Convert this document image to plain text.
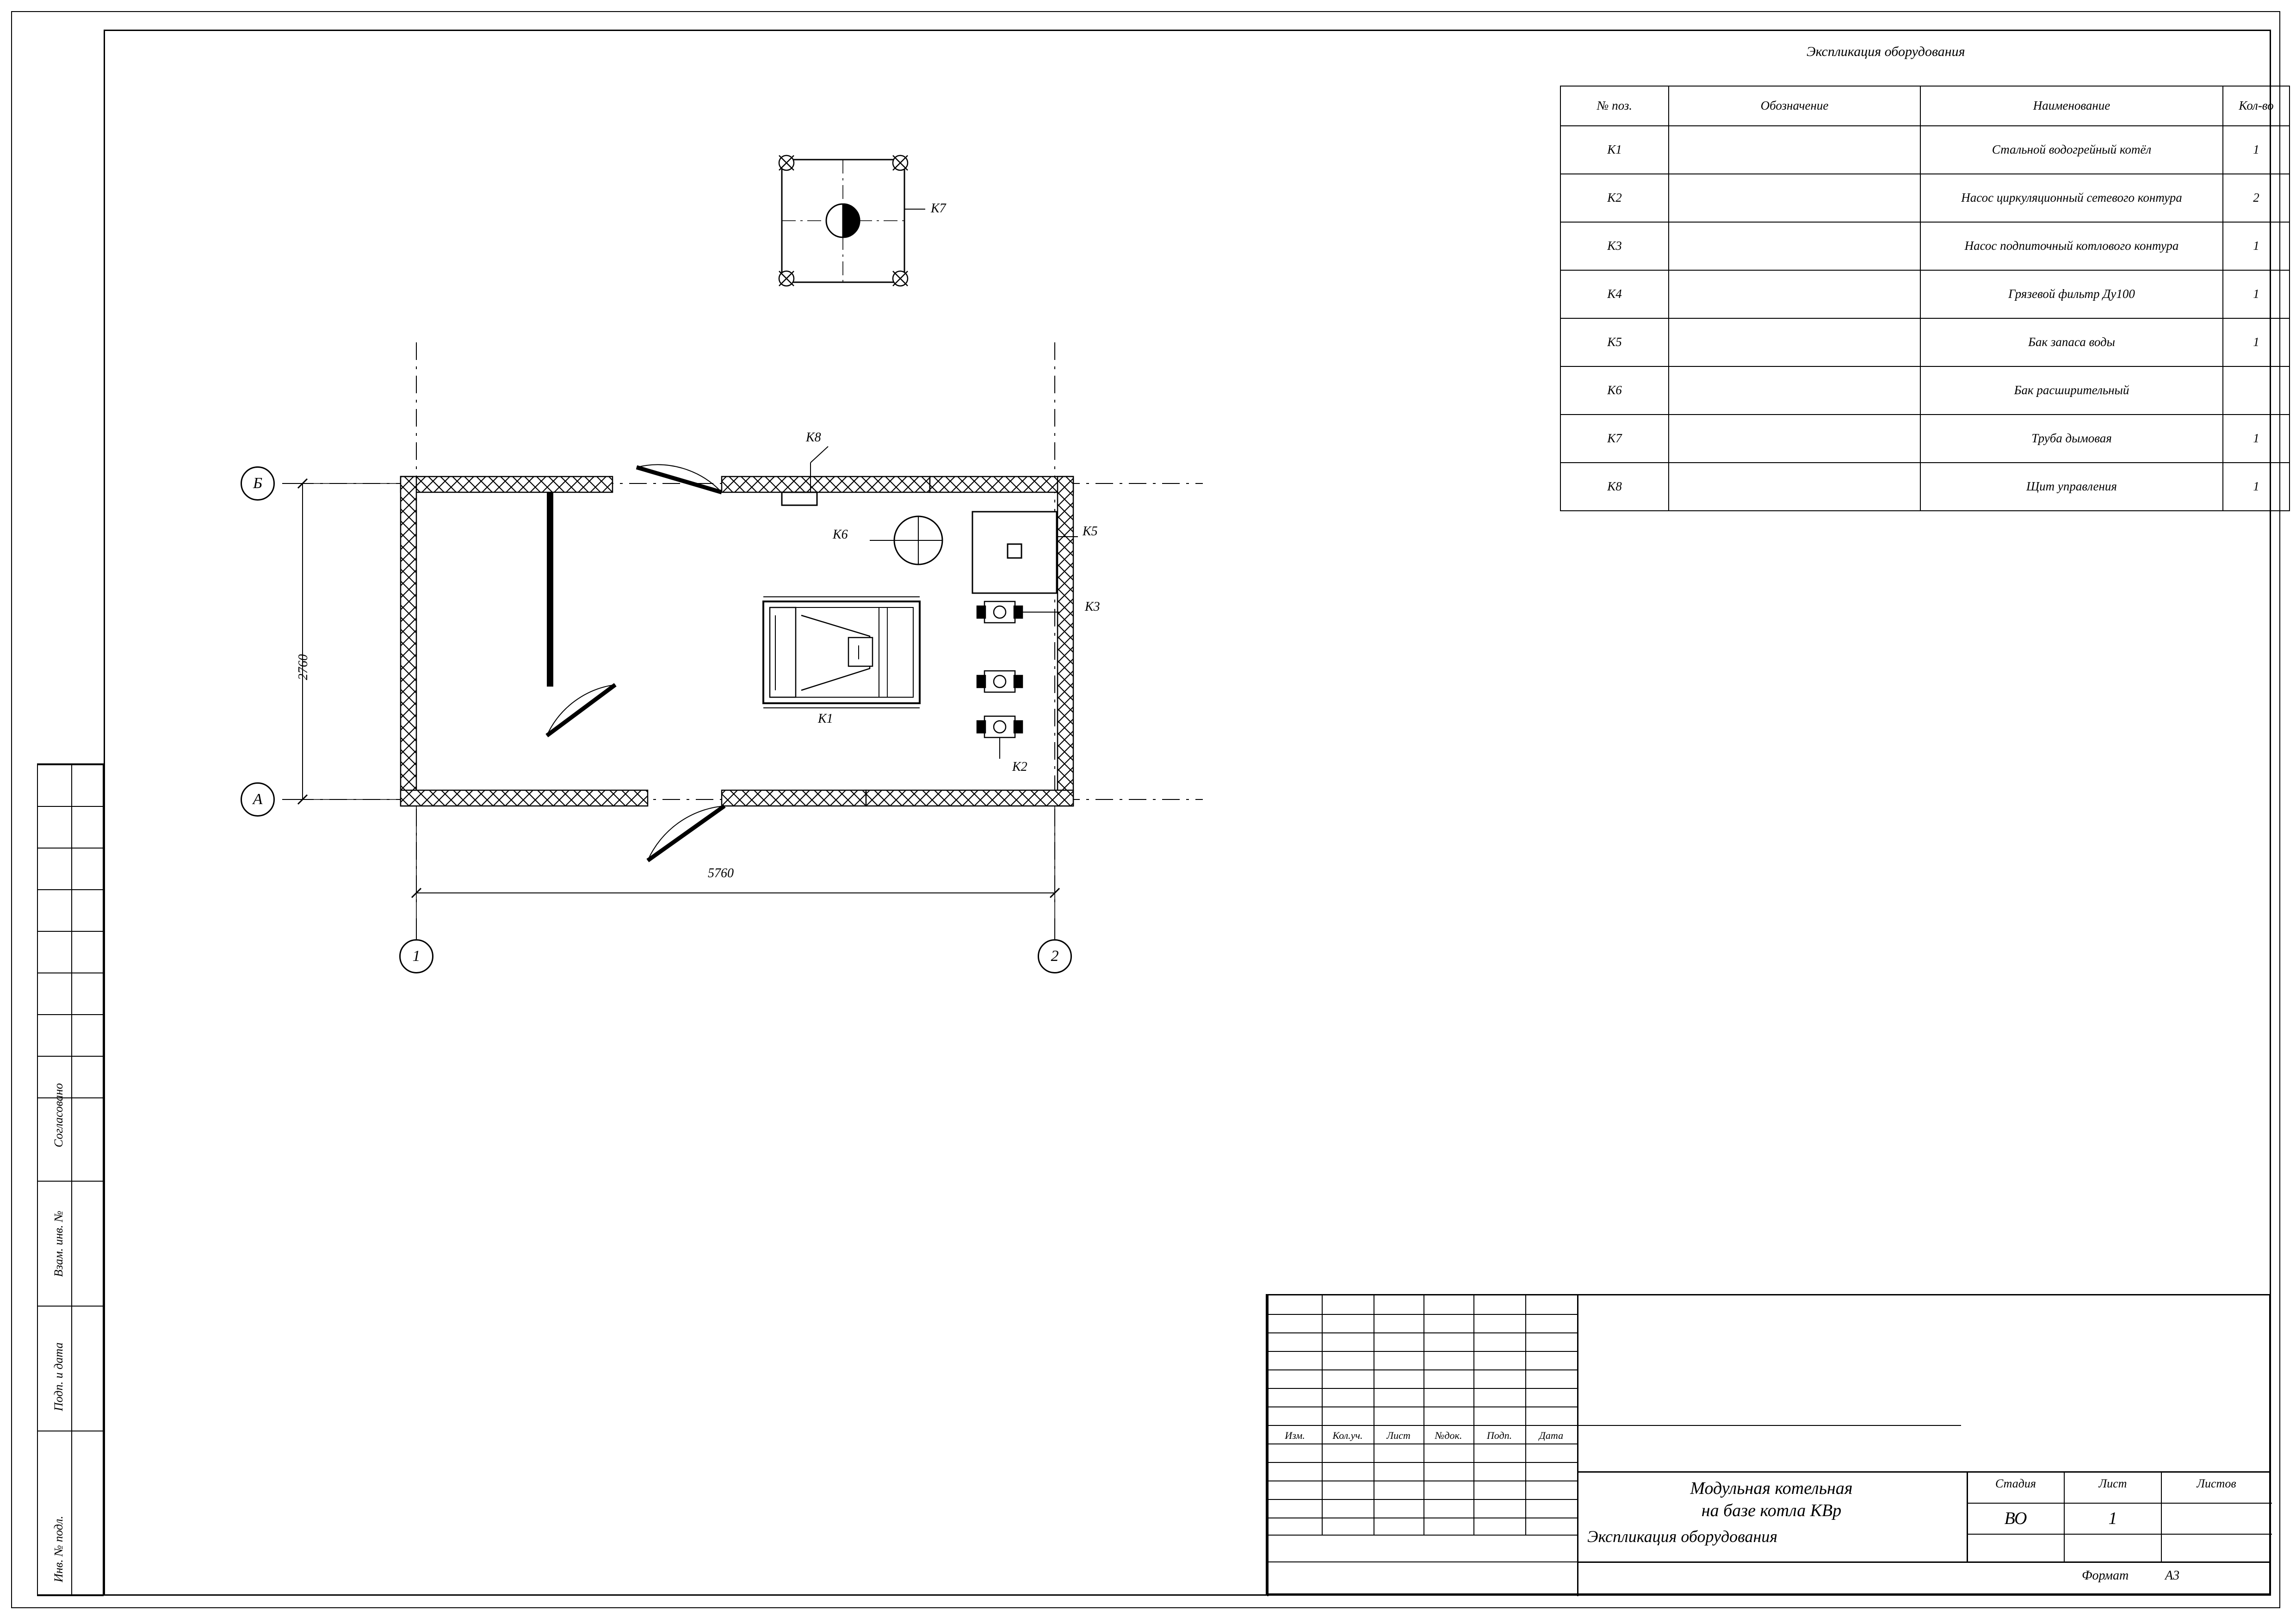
Согласовано
Взам. инв. №
Подп. и дата
Инв. № подл.
Экспликация оборудования
№ поз.	Обозначение	Наименование	Кол-во
К1		Стальной водогрейный котёл	1
К2		Насос циркуляционный сетевого контура	2
К3		Насос подпиточный котлового контура	1
К4		Грязевой фильтр Ду100	1
К5		Бак запаса воды	1
К6		Бак расширительный	
К7		Труба дымовая	1
К8		Щит управления	1
Б
А
1	2
2760
5760
К7
К8
К6	К5
К3
К1
К2
Изм.	Кол.уч.	Лист	№док.	Подп.	Дата
Модульная котельная
на базе котла КВр
Экспликация оборудования
Стадия	Лист	Листов
ВО	1
Формат	А3
